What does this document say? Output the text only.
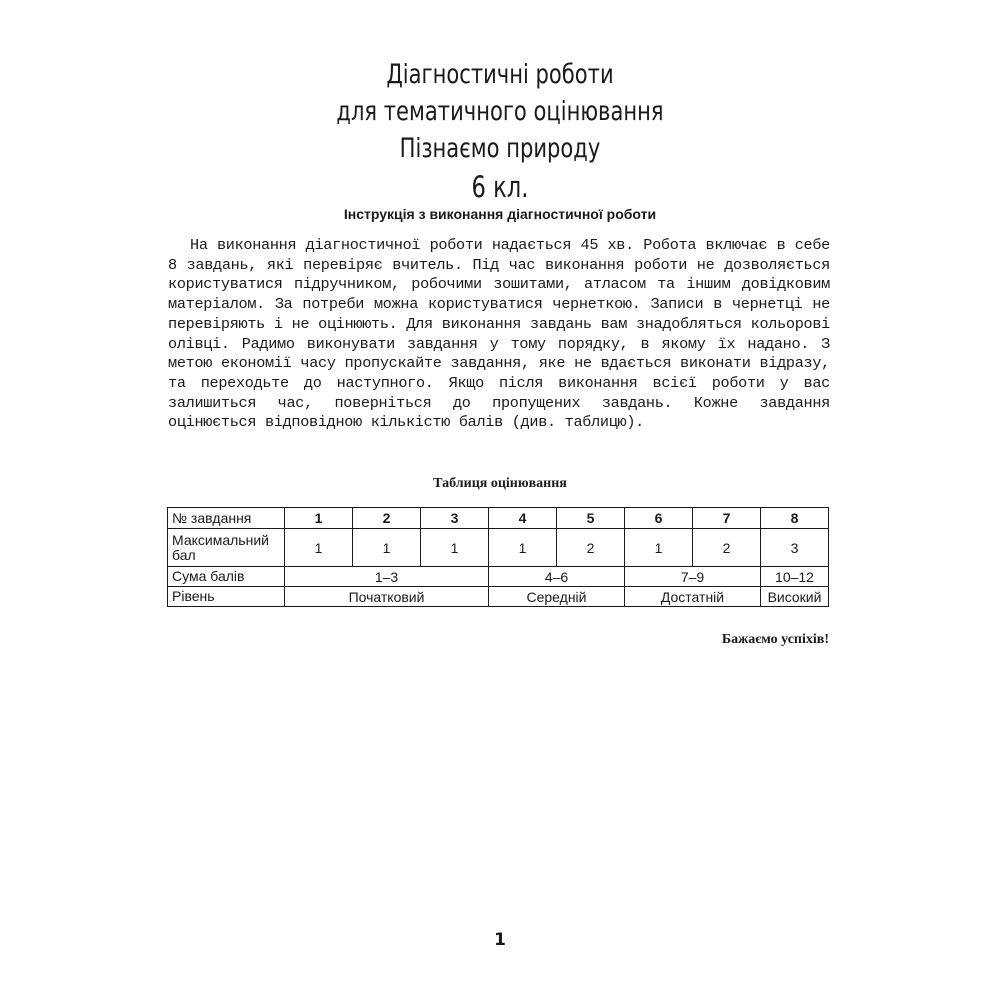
Діагностичні роботи
для тематичного оцінювання
Пізнаємо природу
6 кл.
Інструкція з виконання діагностичної роботи

На виконання діагностичної роботи надається 45 хв. Робота включає в себе 8 завдань, які перевіряє вчитель. Під час виконання роботи не дозволяється користуватися підручником, робочими зошитами, атласом та іншим довідковим матеріалом. За потреби можна користуватися чернеткою. Записи в чернетці не перевіряють і не оцінюють. Для виконання завдань вам знадобляться кольорові олівці. Радимо виконувати завдання у тому порядку, в якому їх надано. З метою економії часу пропускайте завдання, яке не вдається виконати відразу, та переходьте до наступного. Якщо після виконання всієї роботи у вас залишиться час, поверніться до пропущених завдань. Кожне завдання оцінюється відповідною кількістю балів (див. таблицю).

Таблиця оцінювання
№ завдання	1	2	3	4	5	6	7	8
Максимальний бал	1	1	1	1	2	1	2	3
Сума балів	1–3			4–6		7–9		10–12
Рівень	Початковий			Середній		Достатній		Високий
Бажаємо успіхів!
1
